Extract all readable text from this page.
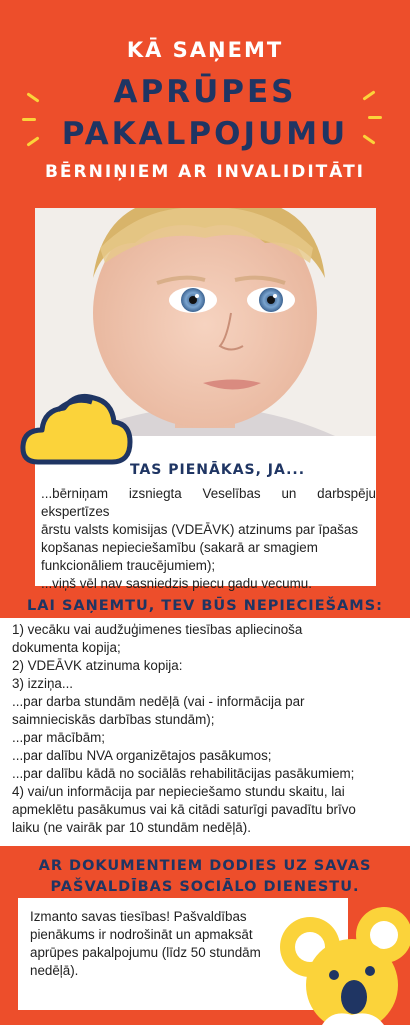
KĀ SAŅEMT
APRŪPES
PAKALPOJUMU
BĒRNIŅIEM AR INVALIDITĀTI
TAS PIENĀKAS, JA...

...bērniņam izsniegta Veselības un darbspēju ekspertīzes

ārstu valsts komisijas (VDEĀVK) atzinums par īpašas

kopšanas nepieciešamību (sakarā ar smagiem

funkcionāliem traucējumiem);

...viņš vēl nav sasniedzis piecu gadu vecumu.

LAI SAŅEMTU, TEV BŪS NEPIECIEŠAMS:

1) vecāku vai audžuģimenes tiesības apliecinoša

dokumenta kopija;

2) VDEĀVK atzinuma kopija:

3) izziņa...

...par darba stundām nedēļā (vai - informācija par

saimnieciskās darbības stundām);

...par mācībām;

...par dalību NVA organizētajos pasākumos;

...par dalību kādā no sociālās rehabilitācijas pasākumiem;

4) vai/un informācija par nepieciešamo stundu skaitu, lai

apmeklētu pasākumus vai kā citādi saturīgi pavadītu brīvo

laiku (ne vairāk par 10 stundām nedēļā).

AR DOKUMENTIEM DODIES UZ SAVAS
PAŠVALDĪBAS SOCIĀLO DIENESTU.

Izmanto savas tiesības! Pašvaldības

pienākums ir nodrošināt un apmaksāt

aprūpes pakalpojumu (līdz 50 stundām

nedēļā).
